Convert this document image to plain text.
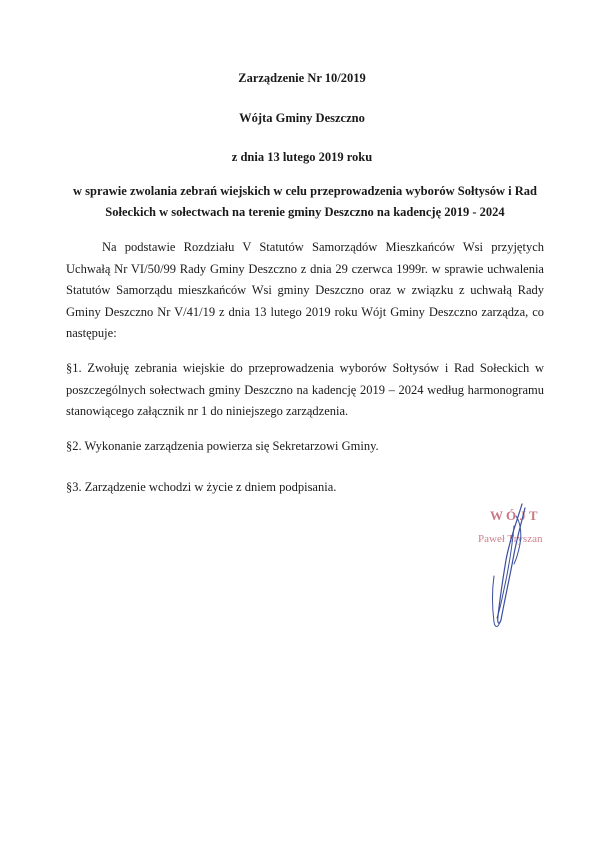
Zarządzenie Nr 10/2019
Wójta Gminy Deszczno
z dnia 13 lutego 2019 roku
w sprawie zwolania zebrań wiejskich w celu przeprowadzenia wyborów Sołtysów i Rad Sołeckich w sołectwach na terenie gminy Deszczno na kadencję 2019 - 2024
Na podstawie Rozdziału V Statutów Samorządów Mieszkańców Wsi przyjętych Uchwałą Nr VI/50/99 Rady Gminy Deszczno z dnia 29 czerwca 1999r. w sprawie uchwalenia Statutów Samorządu mieszkańców Wsi gminy Deszczno oraz w związku z uchwałą Rady Gminy Deszczno Nr V/41/19 z dnia 13 lutego 2019 roku Wójt Gminy Deszczno zarządza, co następuje:
§1. Zwołuję zebrania wiejskie do przeprowadzenia wyborów Sołtysów i Rad Sołeckich w poszczególnych sołectwach gminy Deszczno na kadencję 2019 – 2024 według harmonogramu stanowiącego załącznik nr 1 do niniejszego zarządzenia.
§2. Wykonanie zarządzenia powierza się Sekretarzowi Gminy.
§3. Zarządzenie wchodzi w życie z dniem podpisania.
W Ó J T
Paweł Tryszan
